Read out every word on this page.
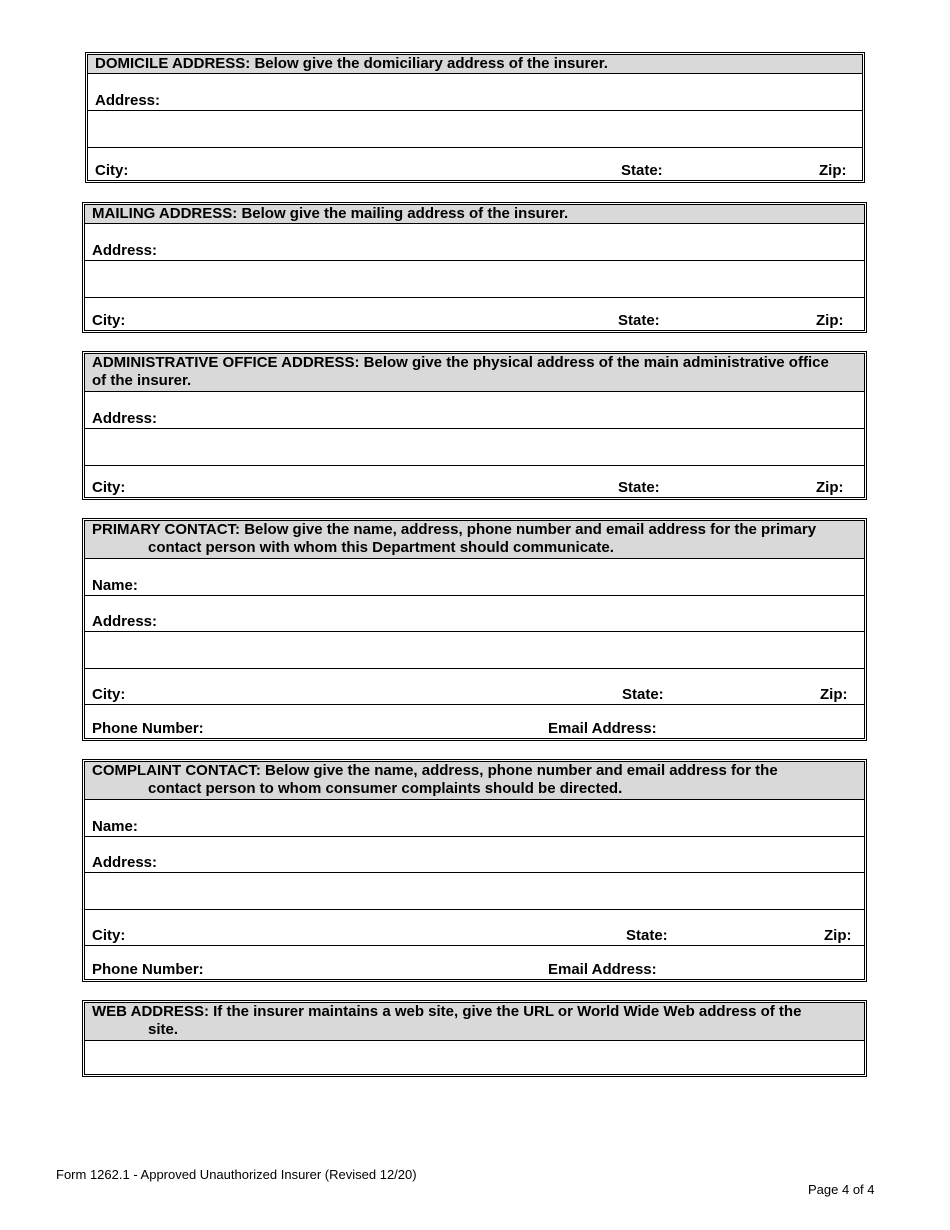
DOMICILE ADDRESS: Below give the domiciliary address of the insurer.
Address:
City:	State:	Zip:
MAILING ADDRESS: Below give the mailing address of the insurer.
Address:
City:	State:	Zip:
ADMINISTRATIVE OFFICE ADDRESS: Below give the physical address of the main administrative office
of the insurer.
Address:
City:	State:	Zip:
PRIMARY CONTACT: Below give the name, address, phone number and email address for the primary
contact person with whom this Department should communicate.
Name:
Address:
City:	State:	Zip:
Phone Number:	Email Address:
COMPLAINT CONTACT: Below give the name, address, phone number and email address for the
contact person to whom consumer complaints should be directed.
Name:
Address:
City:	State:	Zip:
Phone Number:	Email Address:
WEB ADDRESS: If the insurer maintains a web site, give the URL or World Wide Web address of the
site.
Form 1262.1 - Approved Unauthorized Insurer (Revised 12/20)
Page 4 of 4
